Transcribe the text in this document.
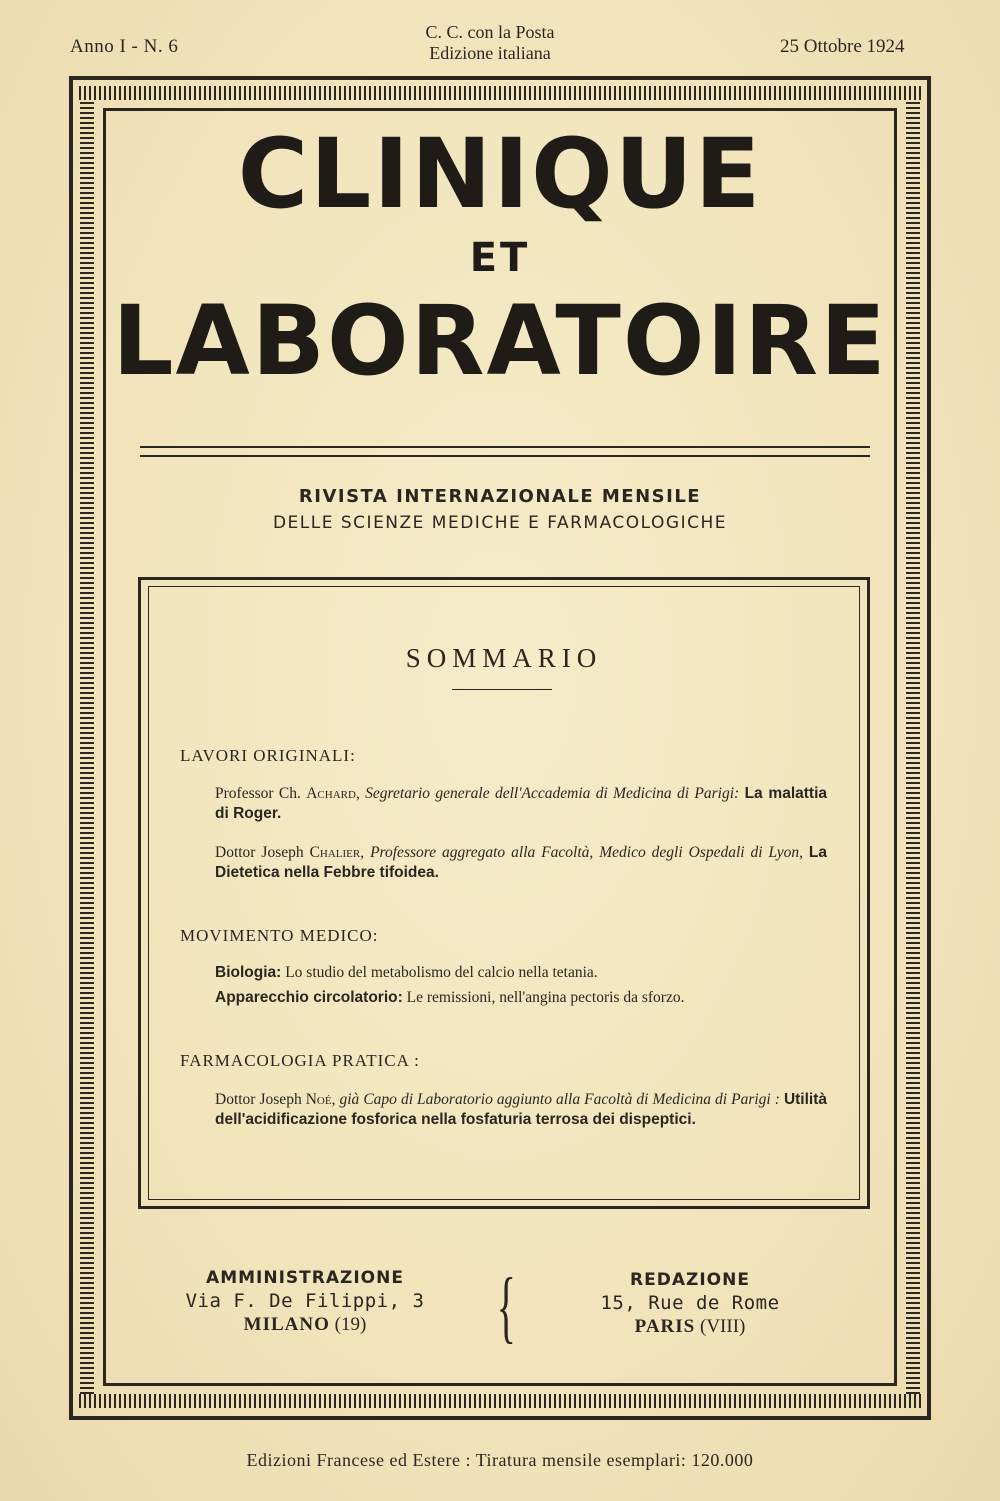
Anno I - N. 6
C. C. con la Posta
Edizione italiana	25 Ottobre 1924
CLINIQUE
ET
LABORATOIRE
RIVISTA INTERNAZIONALE MENSILE
DELLE SCIENZE MEDICHE E FARMACOLOGICHE
SOMMARIO
LAVORI ORIGINALI:
Professor Ch. Achard, Segretario generale dell'Accademia di Medicina di Parigi: La malattia di Roger.
Dottor Joseph Chalier, Professore aggregato alla Facoltà, Medico degli Ospedali di Lyon, La Dietetica nella Febbre tifoidea.
MOVIMENTO MEDICO:
Biologia: Lo studio del metabolismo del calcio nella tetania.
Apparecchio circolatorio: Le remissioni, nell'angina pectoris da sforzo.
FARMACOLOGIA PRATICA :
Dottor Joseph Noé, già Capo di Laboratorio aggiunto alla Facoltà di Medicina di Parigi : Utilità dell'acidificazione fosforica nella fosfaturia terrosa dei dispeptici.
AMMINISTRAZIONE
Via F. De Filippi, 3
MILANO (19)	{	REDAZIONE
15, Rue de Rome
PARIS (VIII)
Edizioni Francese ed Estere : Tiratura mensile esemplari: 120.000
